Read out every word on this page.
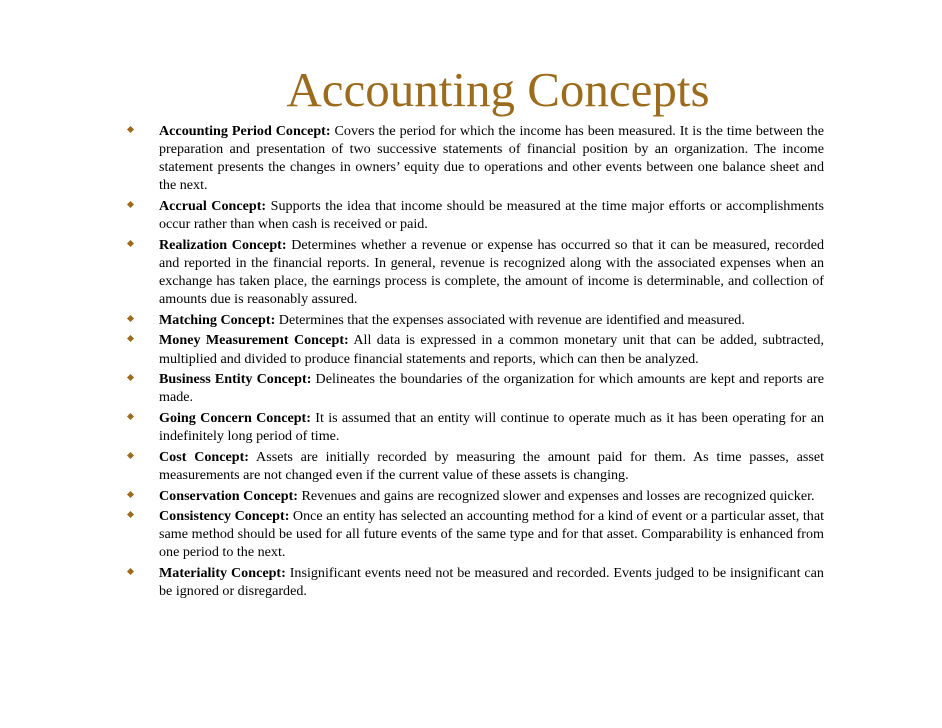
Accounting Concepts
Accounting Period Concept: Covers the period for which the income has been measured. It is the time between the preparation and presentation of two successive statements of financial position by an organization. The income statement presents the changes in owners’ equity due to operations and other events between one balance sheet and the next.
Accrual Concept: Supports the idea that income should be measured at the time major efforts or accomplishments occur rather than when cash is received or paid.
Realization Concept: Determines whether a revenue or expense has occurred so that it can be measured, recorded and reported in the financial reports. In general, revenue is recognized along with the associated expenses when an exchange has taken place, the earnings process is complete, the amount of income is determinable, and collection of amounts due is reasonably assured.
Matching Concept: Determines that the expenses associated with revenue are identified and measured.
Money Measurement Concept: All data is expressed in a common monetary unit that can be added, subtracted, multiplied and divided to produce financial statements and reports, which can then be analyzed.
Business Entity Concept: Delineates the boundaries of the organization for which amounts are kept and reports are made.
Going Concern Concept: It is assumed that an entity will continue to operate much as it has been operating for an indefinitely long period of time.
Cost Concept: Assets are initially recorded by measuring the amount paid for them. As time passes, asset measurements are not changed even if the current value of these assets is changing.
Conservation Concept: Revenues and gains are recognized slower and expenses and losses are recognized quicker.
Consistency Concept: Once an entity has selected an accounting method for a kind of event or a particular asset, that same method should be used for all future events of the same type and for that asset. Comparability is enhanced from one period to the next.
Materiality Concept: Insignificant events need not be measured and recorded. Events judged to be insignificant can be ignored or disregarded.
